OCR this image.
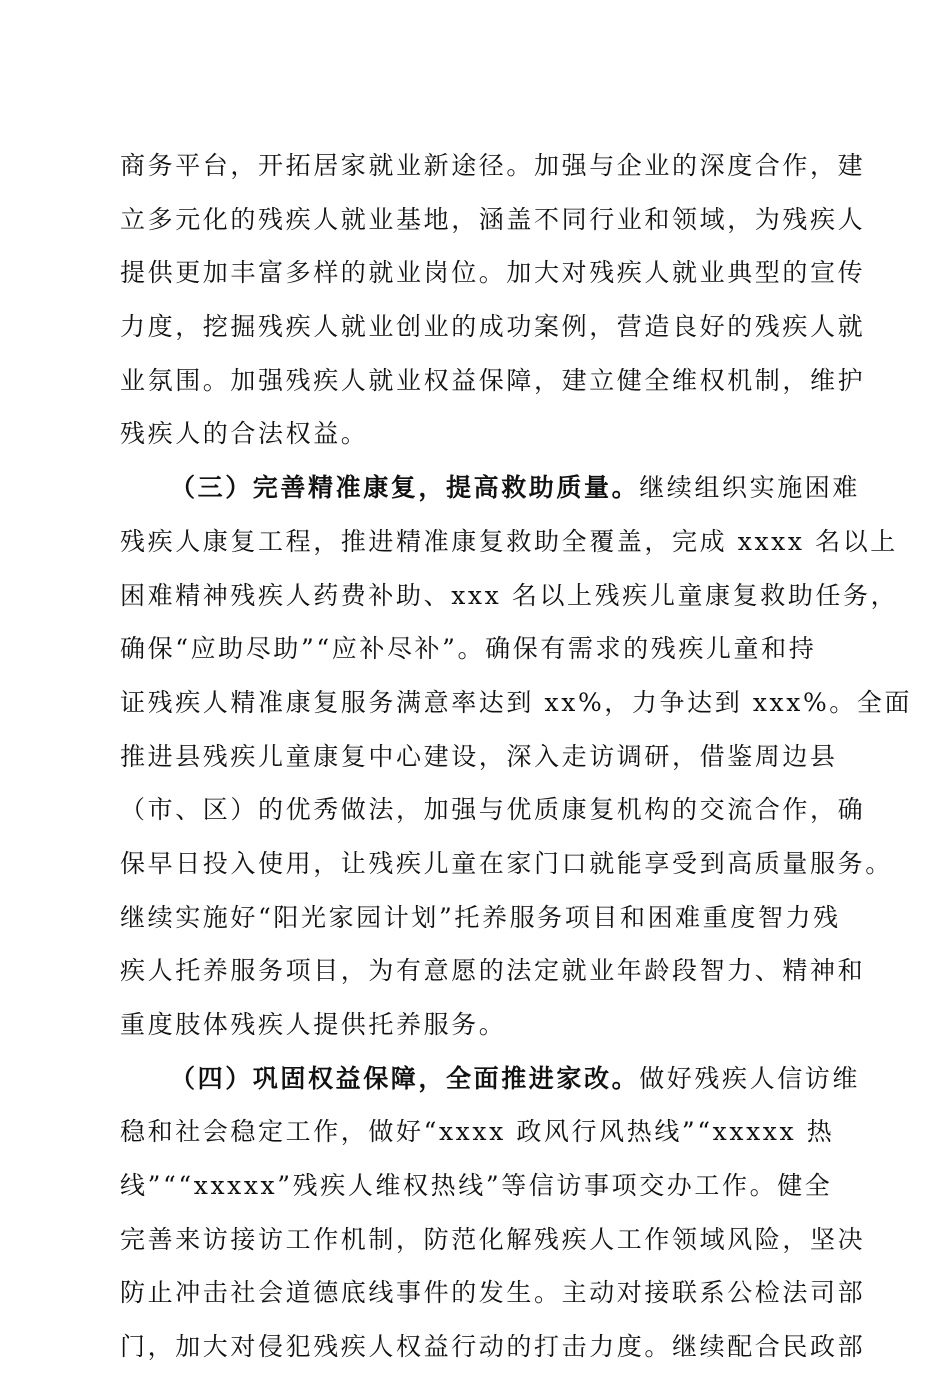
商务平台，开拓居家就业新途径。加强与企业的深度合作，建
立多元化的残疾人就业基地，涵盖不同行业和领域，为残疾人
提供更加丰富多样的就业岗位。加大对残疾人就业典型的宣传
力度，挖掘残疾人就业创业的成功案例，营造良好的残疾人就
业氛围。加强残疾人就业权益保障，建立健全维权机制，维护
残疾人的合法权益。
（三）完善精准康复，提高救助质量。继续组织实施困难
残疾人康复工程，推进精准康复救助全覆盖，完成 xxxx 名以上
困难精神残疾人药费补助、xxx 名以上残疾儿童康复救助任务，
确保“应助尽助”“应补尽补”。确保有需求的残疾儿童和持
证残疾人精准康复服务满意率达到 xx%，力争达到 xxx%。全面
推进县残疾儿童康复中心建设，深入走访调研，借鉴周边县
（市、区）的优秀做法，加强与优质康复机构的交流合作，确
保早日投入使用，让残疾儿童在家门口就能享受到高质量服务。
继续实施好“阳光家园计划”托养服务项目和困难重度智力残
疾人托养服务项目，为有意愿的法定就业年龄段智力、精神和
重度肢体残疾人提供托养服务。
（四）巩固权益保障，全面推进家改。做好残疾人信访维
稳和社会稳定工作，做好“xxxx 政风行风热线”“xxxxx 热
线”““xxxxx”残疾人维权热线”等信访事项交办工作。健全
完善来访接访工作机制，防范化解残疾人工作领域风险，坚决
防止冲击社会道德底线事件的发生。主动对接联系公检法司部
门，加大对侵犯残疾人权益行动的打击力度。继续配合民政部
